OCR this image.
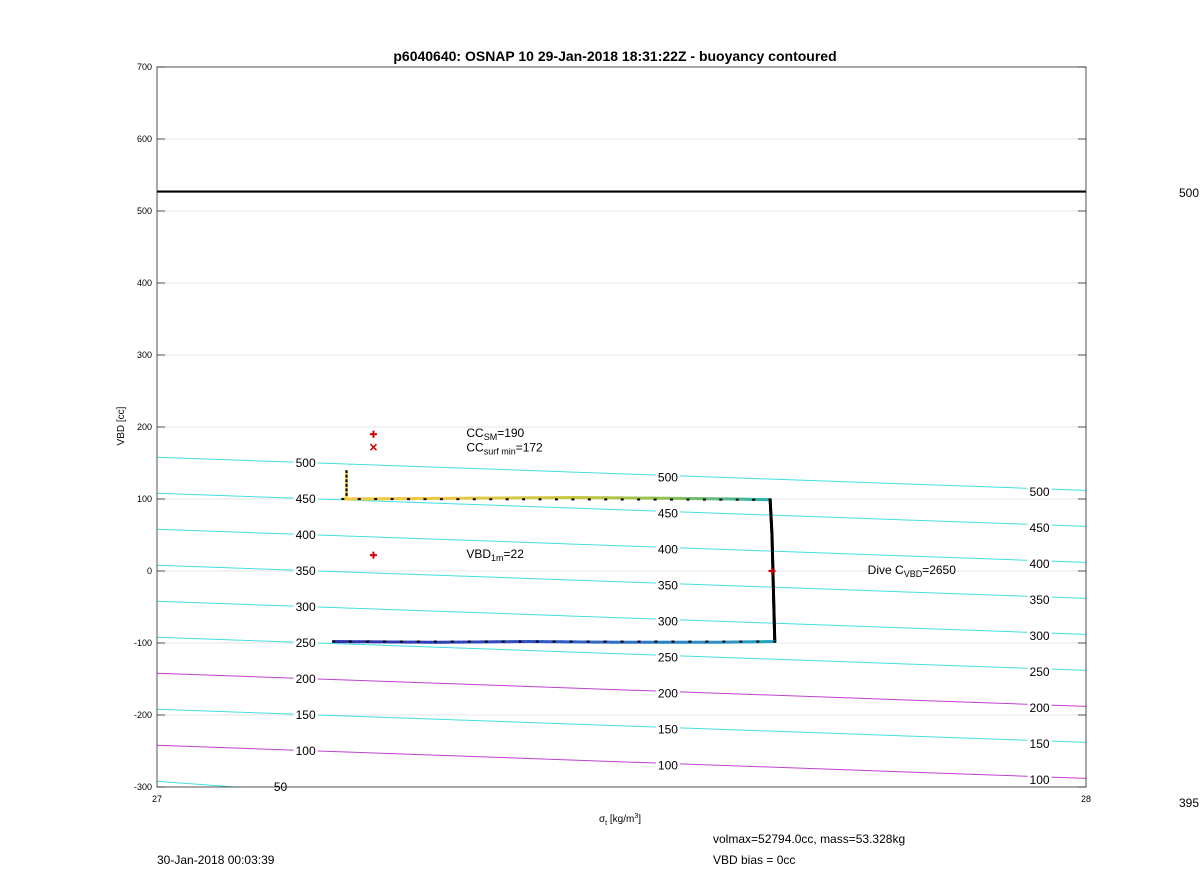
500
450
400
350
300
250
200
150
100
50
500
450
400
350
300
250
200
150
100
500
450
400
350
300
250
200
150
100
-300
-200
-100
0
100
200
300
400
500
600
700
27	28
$CC_{SM}=190$
$CC_{surf min}=172$
$VBD_{1m}=22$
Dive $C_{VBD}=2650$
p6040640: OSNAP 10 29-Jan-2018 18:31:22Z - buoyancy contoured
VBD [cc]
$\sigma_t$ $[kg/m^3]$
500
395
30-Jan-2018 00:03:39
volmax=52794.0cc, mass=53.328kg
VBD bias = 0cc
